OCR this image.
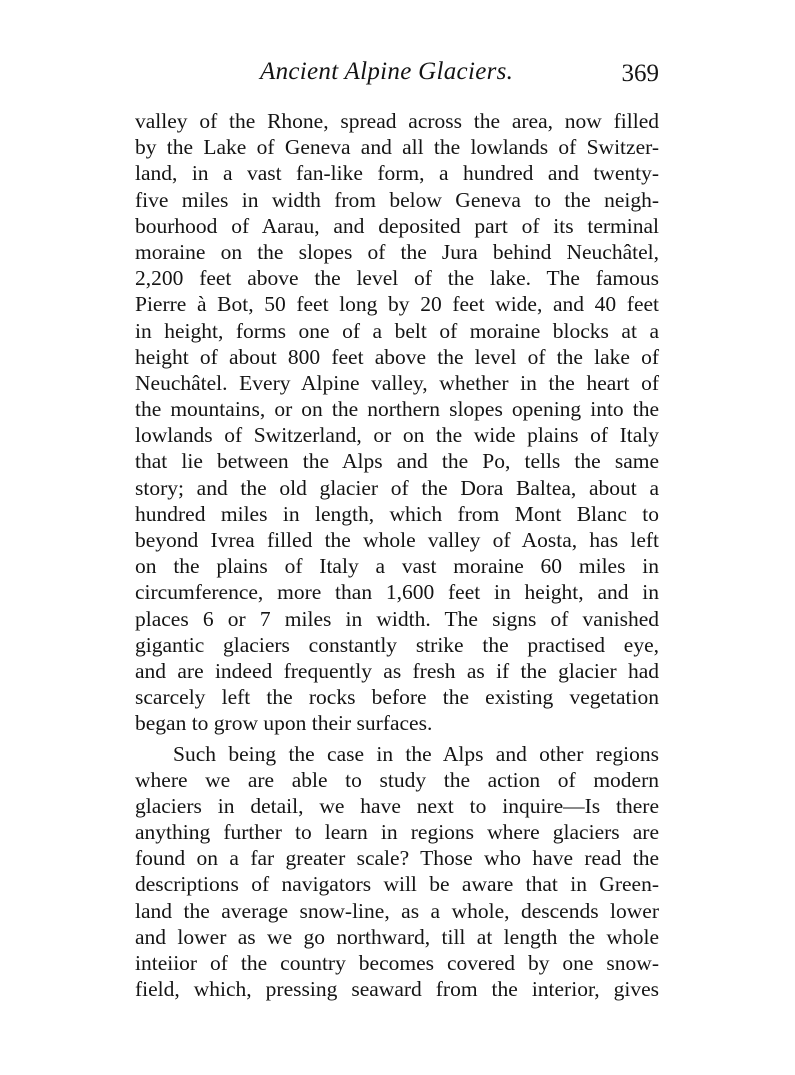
Ancient Alpine Glaciers.	369
valley of the Rhone, spread across the area, now filled
by the Lake of Geneva and all the lowlands of Switzer-
land, in a vast fan-like form, a hundred and twenty-
five miles in width from below Geneva to the neigh-
bourhood of Aarau, and deposited part of its terminal
moraine on the slopes of the Jura behind Neuchâtel,
2,200 feet above the level of the lake. The famous
Pierre à Bot, 50 feet long by 20 feet wide, and 40 feet
in height, forms one of a belt of moraine blocks at a
height of about 800 feet above the level of the lake of
Neuchâtel. Every Alpine valley, whether in the heart of
the mountains, or on the northern slopes opening into the
lowlands of Switzerland, or on the wide plains of Italy
that lie between the Alps and the Po, tells the same
story; and the old glacier of the Dora Baltea, about a
hundred miles in length, which from Mont Blanc to
beyond Ivrea filled the whole valley of Aosta, has left
on the plains of Italy a vast moraine 60 miles in
circumference, more than 1,600 feet in height, and in
places 6 or 7 miles in width. The signs of vanished
gigantic glaciers constantly strike the practised eye,
and are indeed frequently as fresh as if the glacier had
scarcely left the rocks before the existing vegetation
began to grow upon their surfaces.
Such being the case in the Alps and other regions
where we are able to study the action of modern
glaciers in detail, we have next to inquire—Is there
anything further to learn in regions where glaciers are
found on a far greater scale? Those who have read the
descriptions of navigators will be aware that in Green-
land the average snow-line, as a whole, descends lower
and lower as we go northward, till at length the whole
inteiior of the country becomes covered by one snow-
field, which, pressing seaward from the interior, gives
